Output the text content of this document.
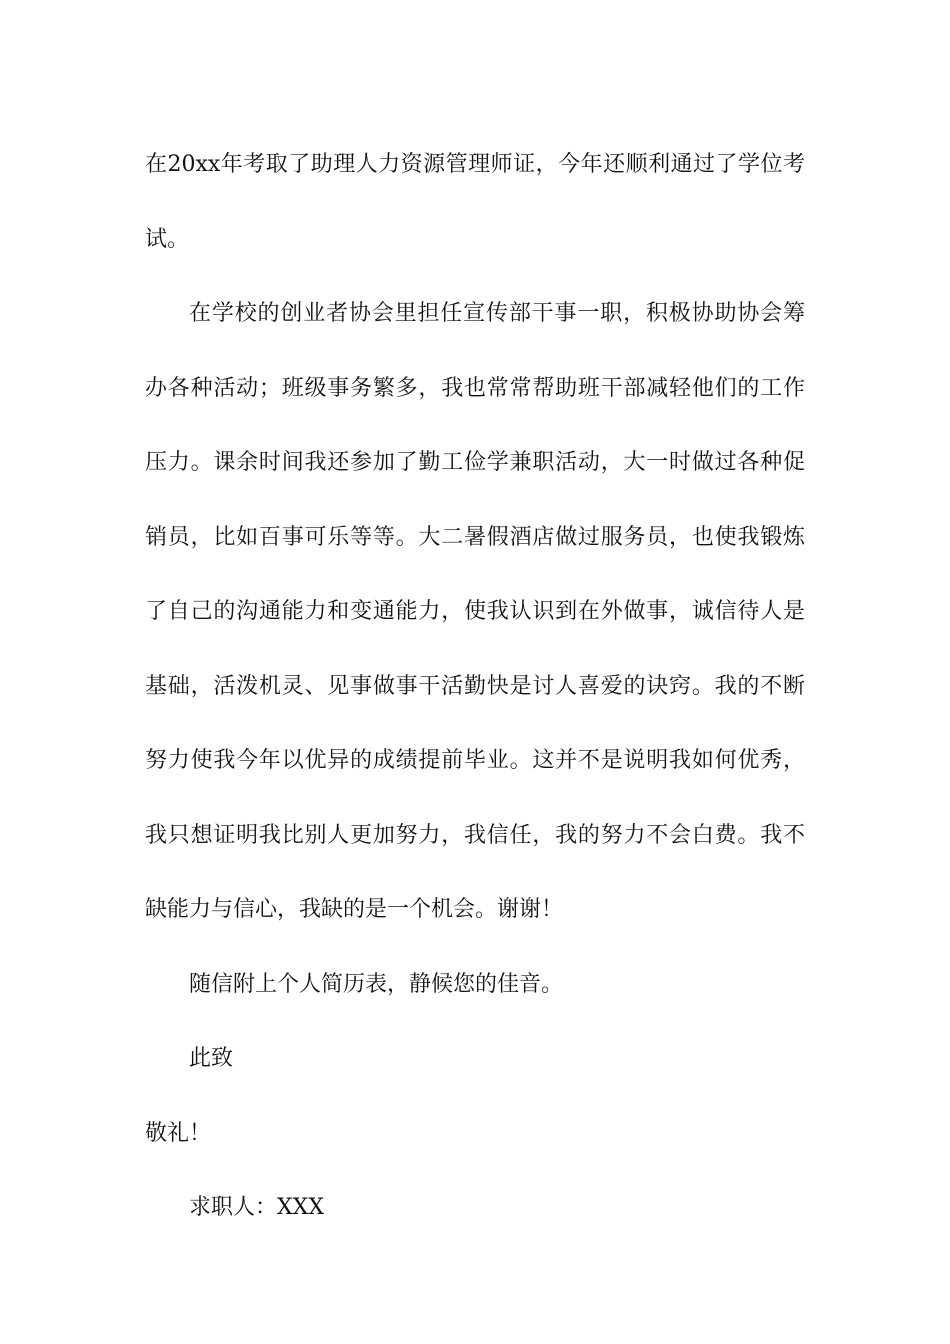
在20xx年考取了助理人力资源管理师证，今年还顺利通过了学位考
试。
在学校的创业者协会里担任宣传部干事一职，积极协助协会筹
办各种活动；班级事务繁多，我也常常帮助班干部减轻他们的工作
压力。课余时间我还参加了勤工俭学兼职活动，大一时做过各种促
销员，比如百事可乐等等。大二暑假酒店做过服务员，也使我锻炼
了自己的沟通能力和变通能力，使我认识到在外做事，诚信待人是
基础，活泼机灵、见事做事干活勤快是讨人喜爱的诀窍。我的不断
努力使我今年以优异的成绩提前毕业。这并不是说明我如何优秀，
我只想证明我比别人更加努力，我信任，我的努力不会白费。我不
缺能力与信心，我缺的是一个机会。谢谢！
随信附上个人简历表，静候您的佳音。
此致
敬礼！
求职人：XXX
